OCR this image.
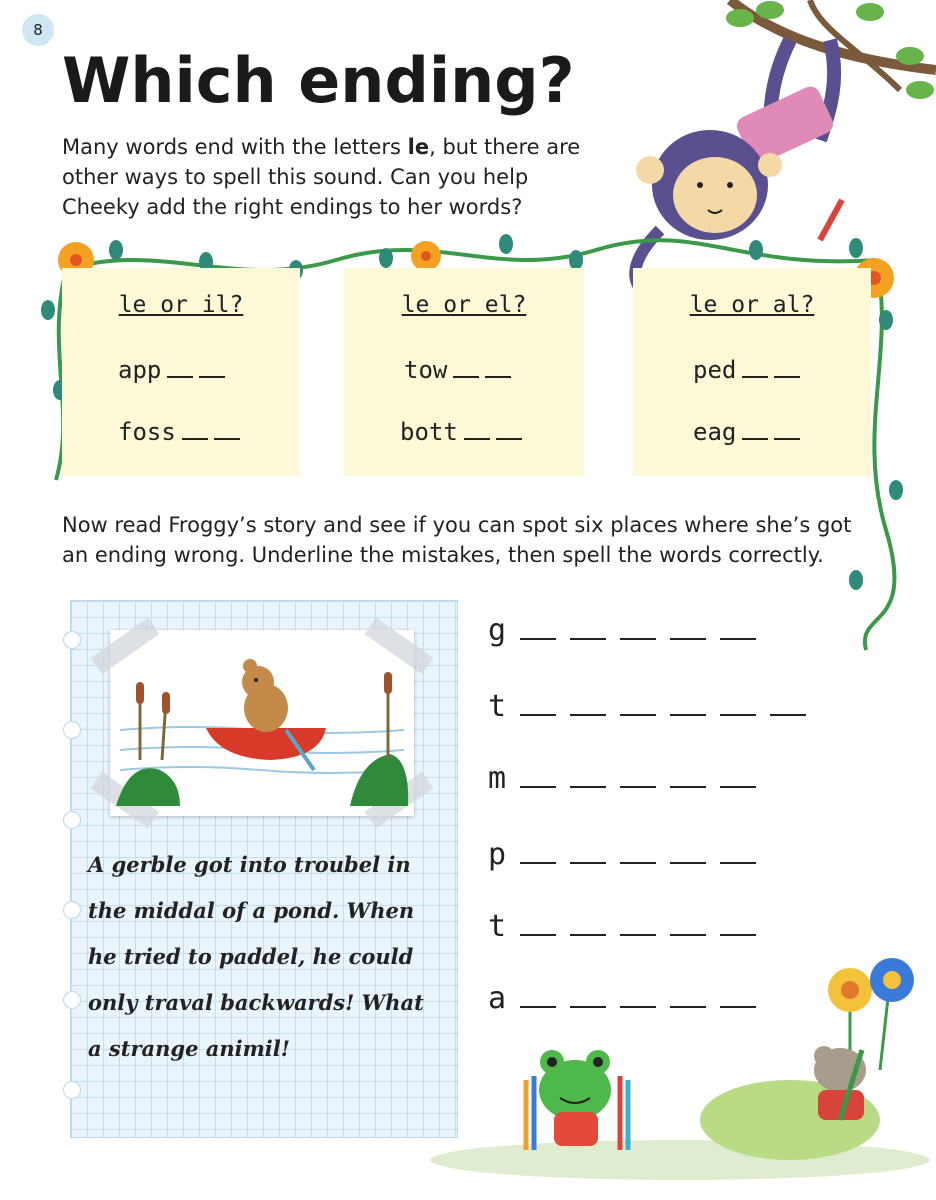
8
Which ending?
Many words end with the letters le, but there are other ways to spell this sound. Can you help Cheeky add the right endings to her words?
le or il?
app
foss
le or el?
tow
bott
le or al?
ped
eag
Now read Froggy’s story and see if you can spot six places where she’s got an ending wrong. Underline the mistakes, then spell the words correctly.
A gerble got into troubel in the middal of a pond. When he tried to paddel, he could only traval backwards! What a strange animil!
g
t
m
p
t
a
